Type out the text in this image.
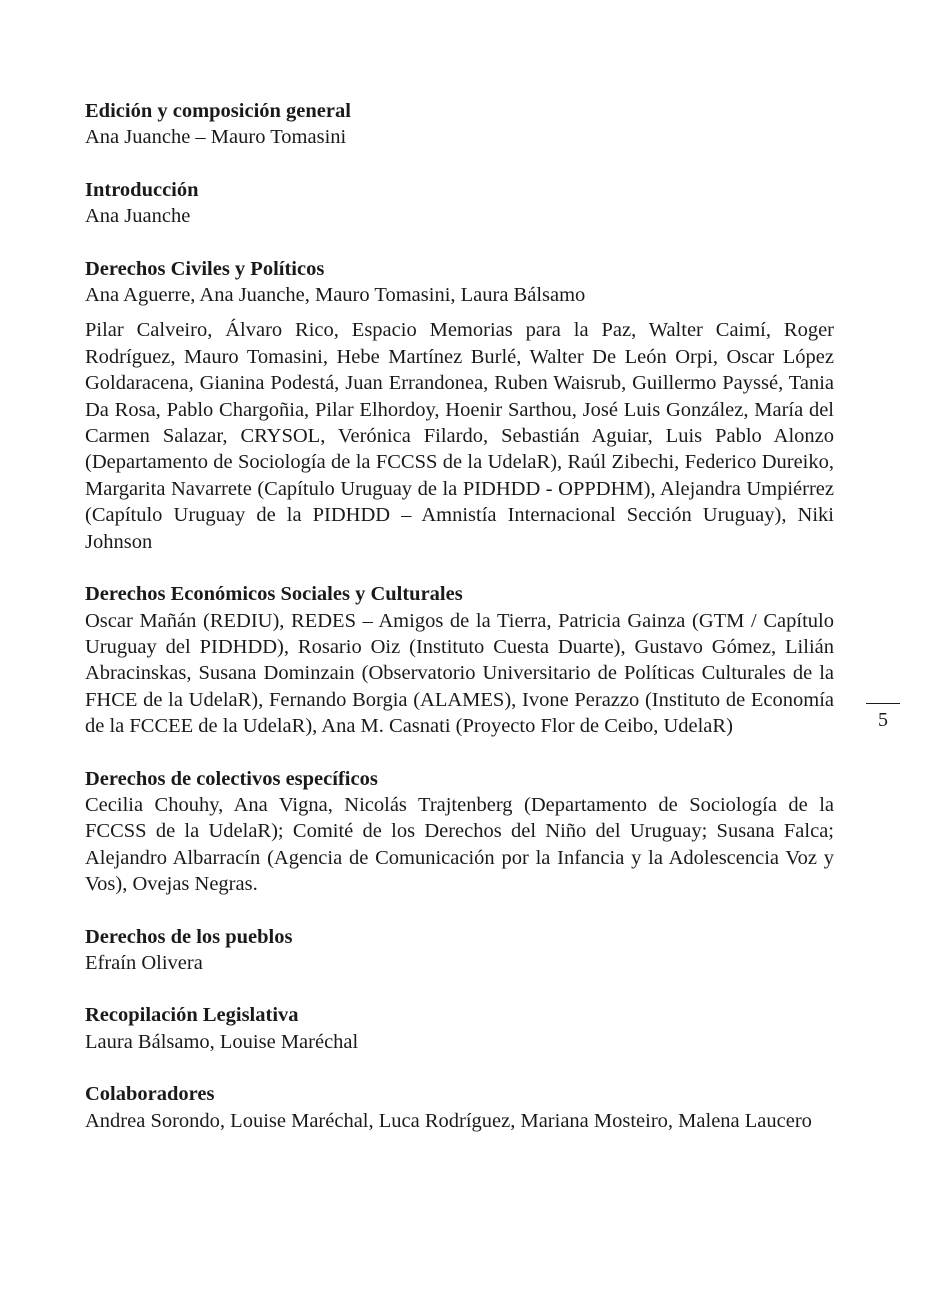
Edición y composición general

Ana Juanche – Mauro Tomasini

Introducción

Ana Juanche

Derechos Civiles y Políticos

Ana Aguerre, Ana Juanche, Mauro Tomasini, Laura Bálsamo

Pilar Calveiro, Álvaro Rico, Espacio Memorias para la Paz, Walter Caimí, Roger Rodríguez, Mauro Tomasini, Hebe Martínez Burlé, Walter De León Orpi, Oscar López Goldaracena, Gianina Podestá, Juan Errandonea, Ruben Waisrub, Guillermo Payssé, Tania Da Rosa, Pablo Chargoñia, Pilar Elhordoy, Hoenir Sarthou, José Luis González, María del Carmen Salazar, CRYSOL, Verónica Filardo, Sebastián Aguiar, Luis Pablo Alonzo (Departamento de Sociología de la FCCSS de la UdelaR), Raúl Zibechi, Federico Dureiko, Margarita Navarrete (Capítulo Uruguay de la PIDHDD - OPPDHM), Alejandra Umpiérrez (Capítulo Uruguay de la PIDHDD – Amnistía Internacional Sección Uruguay), Niki Johnson

Derechos Económicos Sociales y Culturales

Oscar Mañán (REDIU), REDES – Amigos de la Tierra, Patricia Gainza (GTM / Capítulo Uruguay del PIDHDD), Rosario Oiz (Instituto Cuesta Duarte), Gustavo Gómez, Lilián Abracinskas, Susana Dominzain (Observatorio Universitario de Políticas Culturales de la FHCE de la UdelaR), Fernando Borgia (ALAMES), Ivone Perazzo (Instituto de Economía de la FCCEE de la UdelaR), Ana M. Casnati (Proyecto Flor de Ceibo, UdelaR)

Derechos de colectivos específicos

Cecilia Chouhy, Ana Vigna, Nicolás Trajtenberg (Departamento de Sociología de la FCCSS de la UdelaR); Comité de los Derechos del Niño del Uruguay; Susana Falca; Alejandro Albarracín (Agencia de Comunicación por la Infancia y la Adolescencia Voz y Vos), Ovejas Negras.

Derechos de los pueblos

Efraín Olivera

Recopilación Legislativa

Laura Bálsamo, Louise Maréchal

Colaboradores

Andrea Sorondo, Louise Maréchal, Luca Rodríguez, Mariana Mosteiro, Malena Laucero

5
